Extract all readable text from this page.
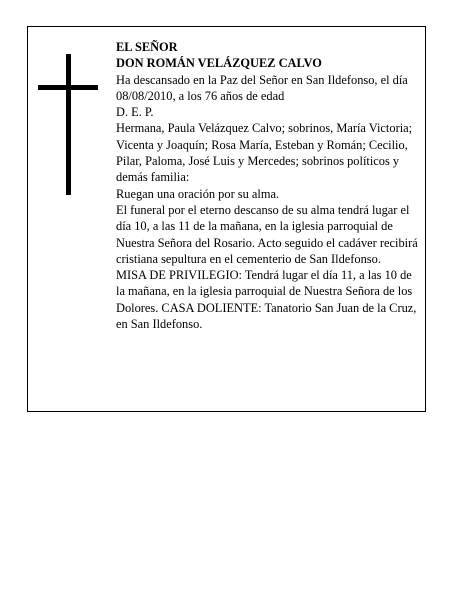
EL SEÑOR

DON ROMÁN VELÁZQUEZ CALVO

Ha descansado en la Paz del Señor en San Ildefonso, el día 08/08/2010, a los 76 años de edad

D. E. P.

Hermana, Paula Velázquez Calvo; sobrinos, María Victoria; Vicenta y Joaquín; Rosa María, Esteban y Román; Cecilio, Pilar, Paloma, José Luis y Mercedes; sobrinos políticos y demás familia:

Ruegan una oración por su alma.

El funeral por el eterno descanso de su alma tendrá lugar el día 10, a las 11 de la mañana, en la iglesia parroquial de Nuestra Señora del Rosario. Acto seguido el cadáver recibirá cristiana sepultura en el cementerio de San Ildefonso.

MISA DE PRIVILEGIO: Tendrá lugar el día 11, a las 10 de la mañana, en la iglesia parroquial de Nuestra Señora de los Dolores. CASA DOLIENTE: Tanatorio San Juan de la Cruz, en San Ildefonso.
